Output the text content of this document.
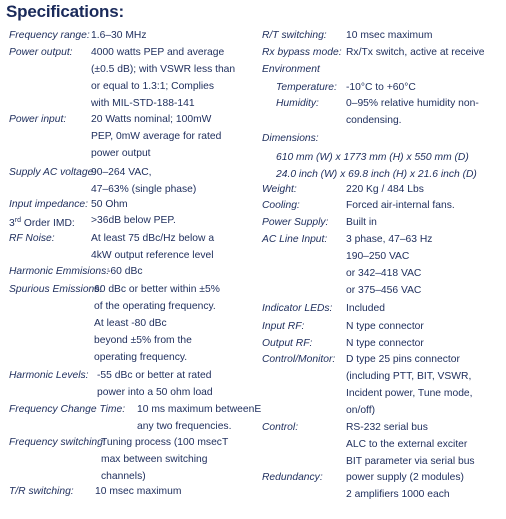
Specifications:
Frequency range: 1.6–30 MHz
Power output: 4000 watts PEP and average
(±0.5 dB); with VSWR less than
or equal to 1.3:1; Complies
with MIL-STD-188-141
Power input: 20 Watts nominal; 100mW
PEP, 0mW average for rated
power output
Supply AC voltage:
90–264 VAC,
47–63% (single phase)
Input impedance: 50 Ohm
3rd Order IMD: >36dB below PEP.
RF Noise:	At least 75 dBc/Hz below a
4kW output reference level
Harmonic Emmisions:
-60 dBc
Spurious Emissions:
60 dBc or better within ±5%
of the operating frequency.
At least -80 dBc
beyond ±5% from the
operating frequency.
Harmonic Levels: -55 dBc or better at rated
power into a 50 ohm load
Frequency Change Time: 10 ms maximum betweenE
any two frequencies.
Frequency switching:
Tuning process (100 msecT
max between switching
channels)
T/R switching: 10 msec maximum
R/T switching: 10 msec maximum
Rx bypass mode: Rx/Tx switch, active at receive
Environment
Temperature: -10°C to +60°C
Humidity:	0–95% relative humidity non-
condensing.
Dimensions:
610 mm (W) x 1773 mm (H) x 550 mm (D)
24.0 inch (W) x 69.8 inch (H) x 21.6 inch (D)
Weight:	220 Kg / 484 Lbs
Cooling:	Forced air-internal fans.
Power Supply: Built in
AC Line Input: 3 phase, 47–63 Hz
190–250 VAC
or 342–418 VAC
or 375–456 VAC
Indicator LEDs: Included
Input RF:	N type connector
Output RF:	N type connector
Control/Monitor: D type 25 pins connector
(including PTT, BIT, VSWR,
Incident power, Tune mode,
on/off)
Control:	RS-232 serial bus
ALC to the external exciter
BIT parameter via serial bus
Redundancy: power supply (2 modules)
2 amplifiers 1000 each
